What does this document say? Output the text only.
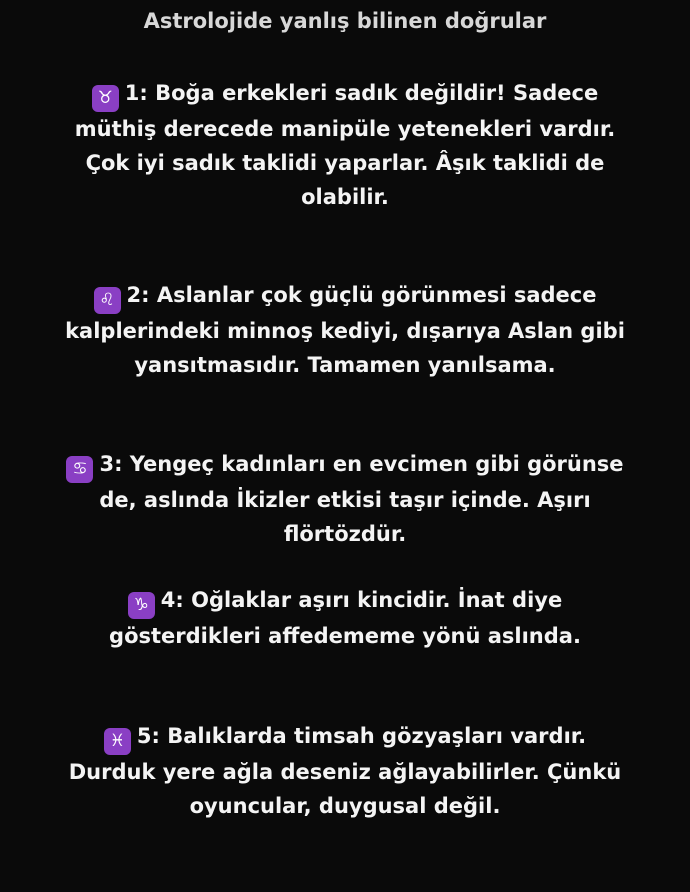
Astrolojide yanlış bilinen doğrular
♉ 1: Boğa erkekleri sadık değildir! Sadece müthiş derecede manipüle yetenekleri vardır. Çok iyi sadık taklidi yaparlar. Âşık taklidi de olabilir.
♌ 2: Aslanlar çok güçlü görünmesi sadece kalplerindeki minnoş kediyi, dışarıya Aslan gibi yansıtmasıdır. Tamamen yanılsama.
♋ 3: Yengeç kadınları en evcimen gibi görünse de, aslında İkizler etkisi taşır içinde. Aşırı flörtözdür.
♑ 4: Oğlaklar aşırı kincidir. İnat diye gösterdikleri affedememe yönü aslında.
♓ 5: Balıklarda timsah gözyaşları vardır. Durduk yere ağla deseniz ağlayabilirler. Çünkü oyuncular, duygusal değil.
